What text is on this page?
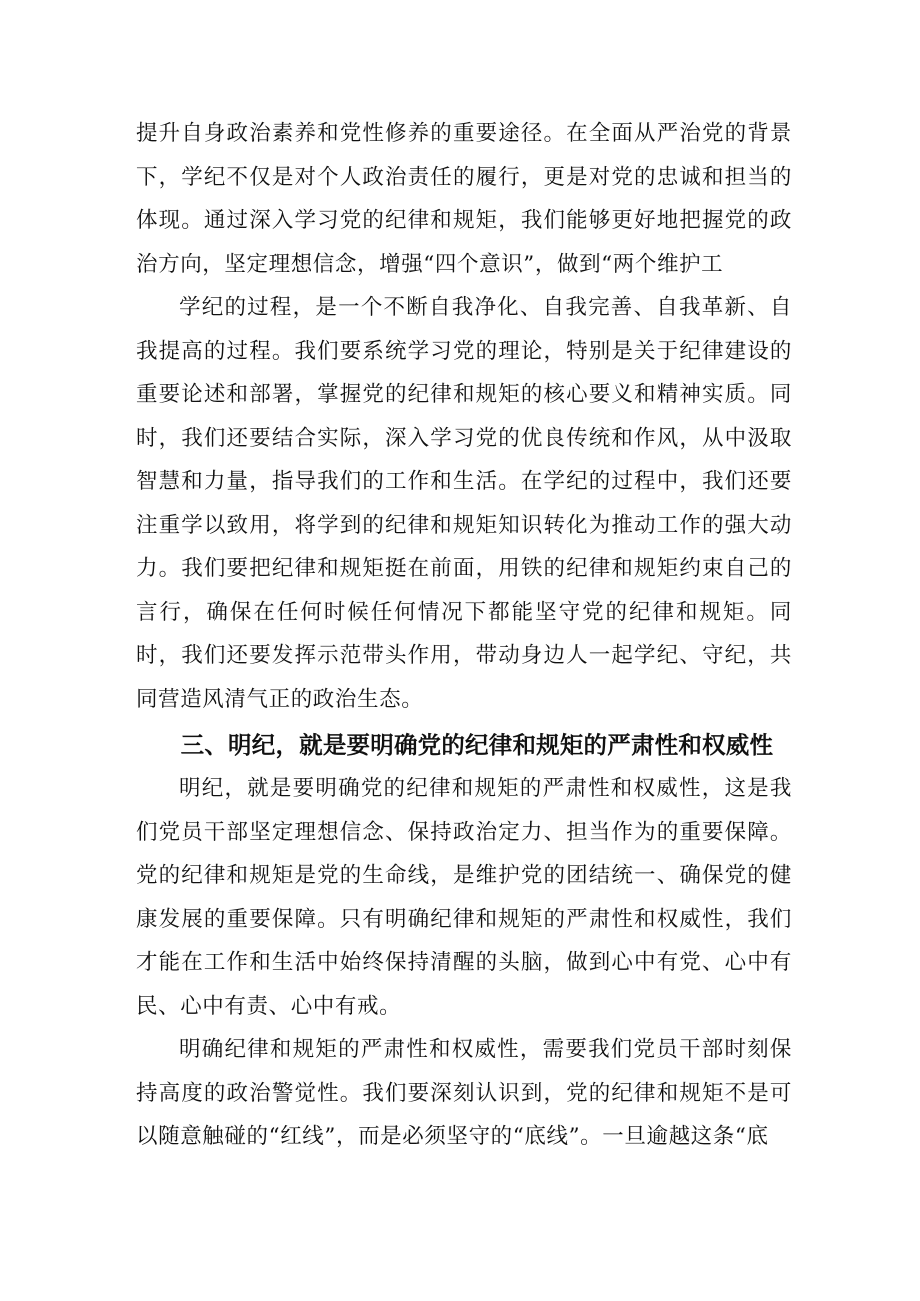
提升自身政治素养和党性修养的重要途径。在全面从严治党的背景下，学纪不仅是对个人政治责任的履行，更是对党的忠诚和担当的体现。通过深入学习党的纪律和规矩，我们能够更好地把握党的政治方向，坚定理想信念，增强“四个意识”，做到“两个维护工

学纪的过程，是一个不断自我净化、自我完善、自我革新、自我提高的过程。我们要系统学习党的理论，特别是关于纪律建设的重要论述和部署，掌握党的纪律和规矩的核心要义和精神实质。同时，我们还要结合实际，深入学习党的优良传统和作风，从中汲取智慧和力量，指导我们的工作和生活。在学纪的过程中，我们还要注重学以致用，将学到的纪律和规矩知识转化为推动工作的强大动力。我们要把纪律和规矩挺在前面，用铁的纪律和规矩约束自己的言行，确保在任何时候任何情况下都能坚守党的纪律和规矩。同时，我们还要发挥示范带头作用，带动身边人一起学纪、守纪，共同营造风清气正的政治生态。

三、明纪，就是要明确党的纪律和规矩的严肃性和权威性

明纪，就是要明确党的纪律和规矩的严肃性和权威性，这是我们党员干部坚定理想信念、保持政治定力、担当作为的重要保障。党的纪律和规矩是党的生命线，是维护党的团结统一、确保党的健康发展的重要保障。只有明确纪律和规矩的严肃性和权威性，我们才能在工作和生活中始终保持清醒的头脑，做到心中有党、心中有民、心中有责、心中有戒。

明确纪律和规矩的严肃性和权威性，需要我们党员干部时刻保持高度的政治警觉性。我们要深刻认识到，党的纪律和规矩不是可以随意触碰的“红线”，而是必须坚守的“底线”。一旦逾越这条“底
